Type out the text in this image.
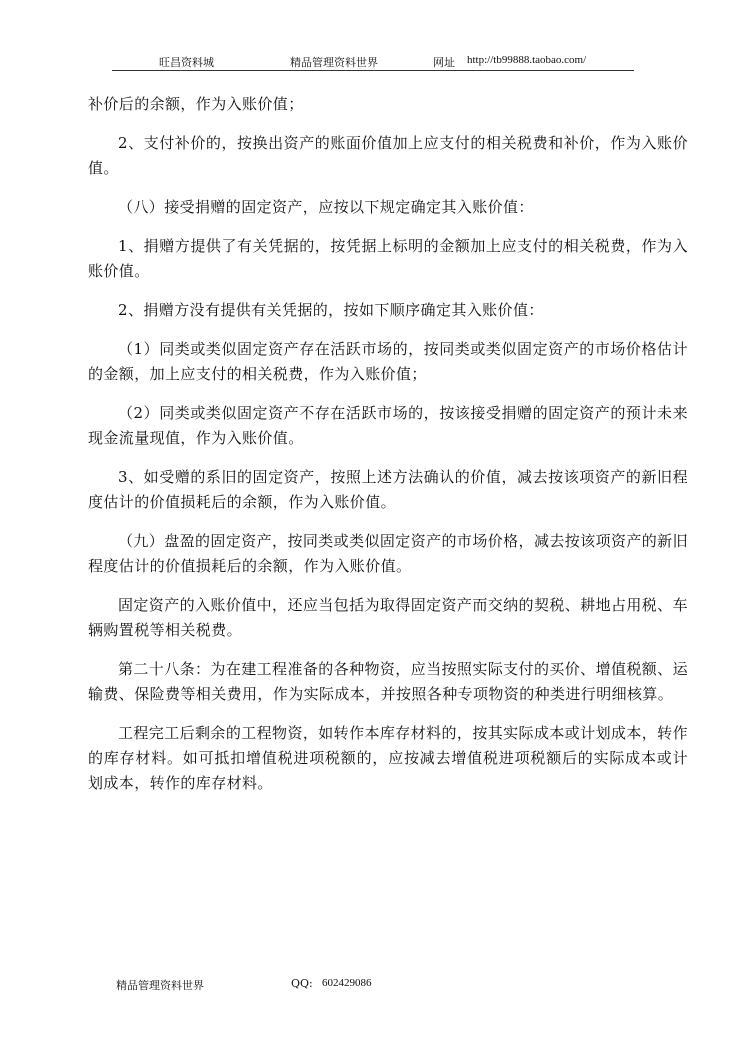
旺昌资料城	精品管理资料世界	网址 http://tb99888.taobao.com/

补价后的余额，作为入账价值；

2、支付补价的，按换出资产的账面价值加上应支付的相关税费和补价，作为入账价值。

（八）接受捐赠的固定资产，应按以下规定确定其入账价值：

1、捐赠方提供了有关凭据的，按凭据上标明的金额加上应支付的相关税费，作为入账价值。

2、捐赠方没有提供有关凭据的，按如下顺序确定其入账价值：

（1）同类或类似固定资产存在活跃市场的，按同类或类似固定资产的市场价格估计的金额，加上应支付的相关税费，作为入账价值；

（2）同类或类似固定资产不存在活跃市场的，按该接受捐赠的固定资产的预计未来现金流量现值，作为入账价值。

3、如受赠的系旧的固定资产，按照上述方法确认的价值，减去按该项资产的新旧程度估计的价值损耗后的余额，作为入账价值。

（九）盘盈的固定资产，按同类或类似固定资产的市场价格，减去按该项资产的新旧程度估计的价值损耗后的余额，作为入账价值。

固定资产的入账价值中，还应当包括为取得固定资产而交纳的契税、耕地占用税、车辆购置税等相关税费。

第二十八条：为在建工程准备的各种物资，应当按照实际支付的买价、增值税额、运输费、保险费等相关费用，作为实际成本，并按照各种专项物资的种类进行明细核算。

工程完工后剩余的工程物资，如转作本库存材料的，按其实际成本或计划成本，转作的库存材料。如可抵扣增值税进项税额的，应按减去增值税进项税额后的实际成本或计划成本，转作的库存材料。

精品管理资料世界	QQ: 602429086
